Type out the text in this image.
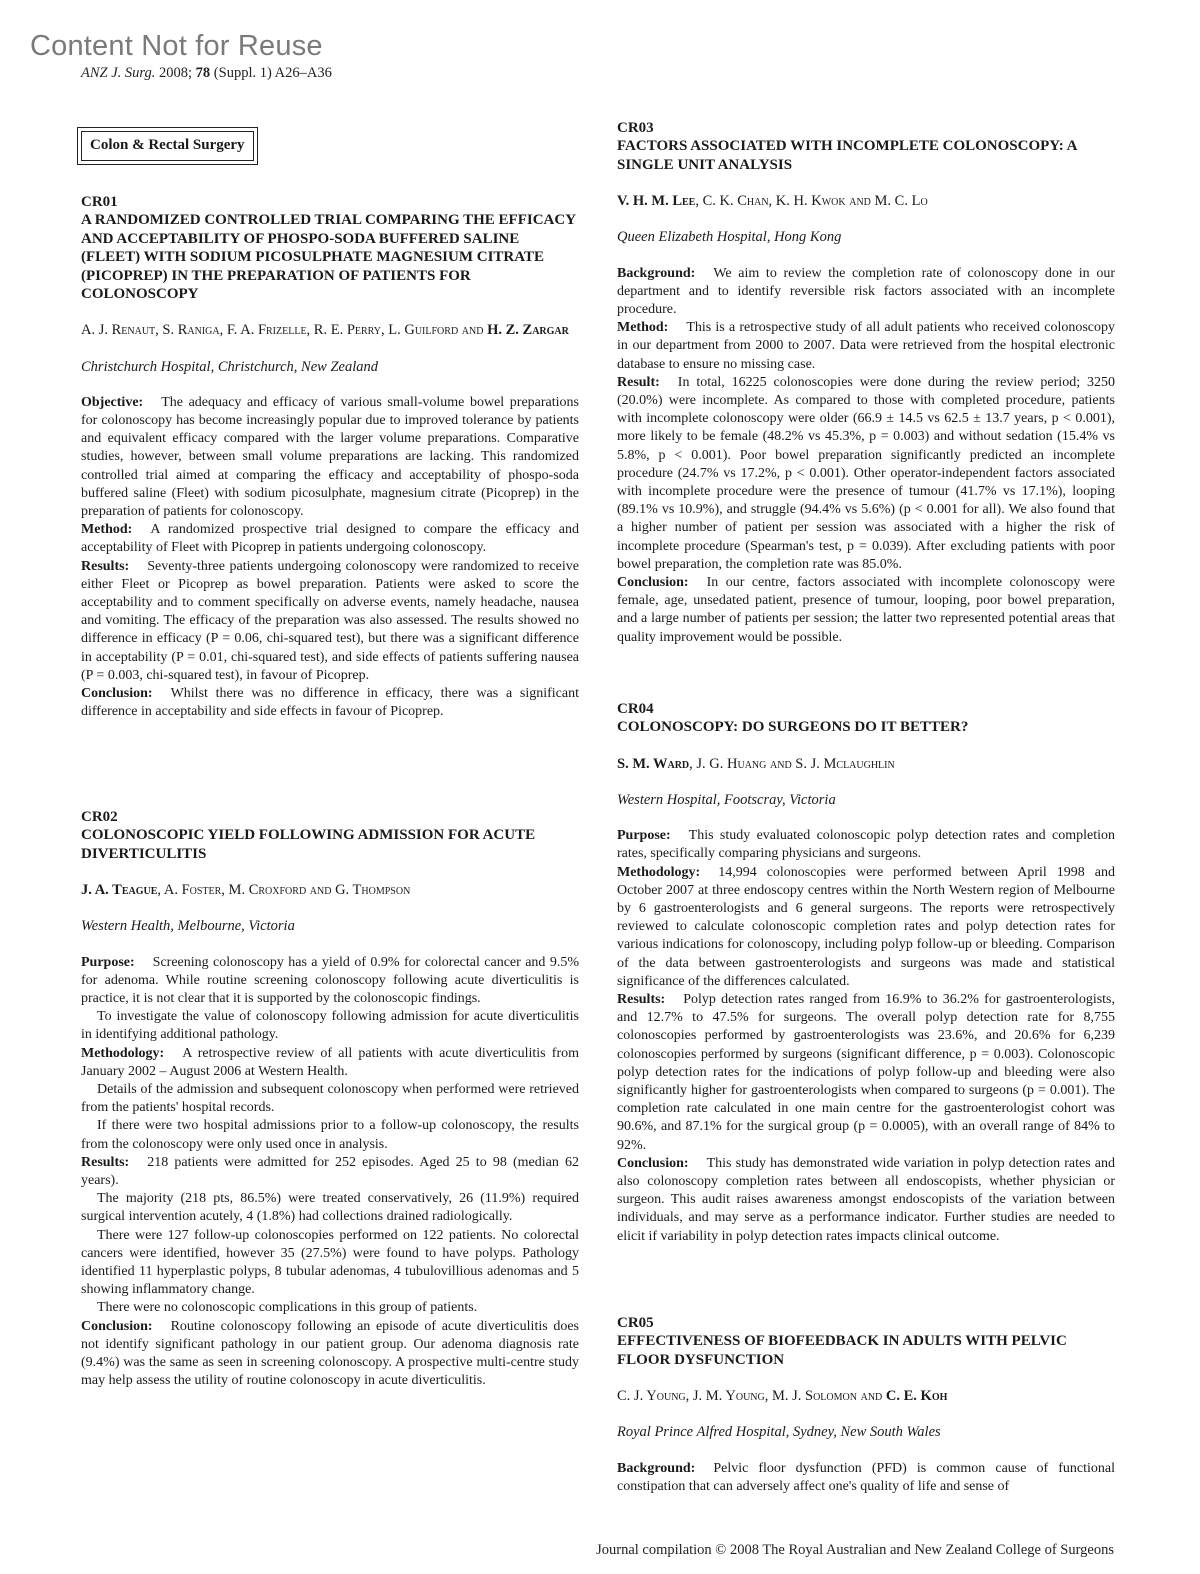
Content Not for Reuse
ANZ J. Surg. 2008; 78 (Suppl. 1) A26–A36
Colon & Rectal Surgery
CR01
A RANDOMIZED CONTROLLED TRIAL COMPARING THE EFFICACY AND ACCEPTABILITY OF PHOSPO-SODA BUFFERED SALINE (FLEET) WITH SODIUM PICOSULPHATE MAGNESIUM CITRATE (PICOPREP) IN THE PREPARATION OF PATIENTS FOR COLONOSCOPY
A. J. Renaut, S. Raniga, F. A. Frizelle, R. E. Perry, L. Guilford and H. Z. Zargar
Christchurch Hospital, Christchurch, New Zealand

Objective: The adequacy and efficacy of various small-volume bowel preparations for colonoscopy has become increasingly popular due to improved tolerance by patients and equivalent efficacy compared with the larger volume preparations. Comparative studies, however, between small volume preparations are lacking. This randomized controlled trial aimed at comparing the efficacy and acceptability of phospo-soda buffered saline (Fleet) with sodium picosulphate, magnesium citrate (Picoprep) in the preparation of patients for colonoscopy.

Method: A randomized prospective trial designed to compare the efficacy and acceptability of Fleet with Picoprep in patients undergoing colonoscopy.

Results: Seventy-three patients undergoing colonoscopy were randomized to receive either Fleet or Picoprep as bowel preparation. Patients were asked to score the acceptability and to comment specifically on adverse events, namely headache, nausea and vomiting. The efficacy of the preparation was also assessed. The results showed no difference in efficacy (P = 0.06, chi-squared test), but there was a significant difference in acceptability (P = 0.01, chi-squared test), and side effects of patients suffering nausea (P = 0.003, chi-squared test), in favour of Picoprep.

Conclusion: Whilst there was no difference in efficacy, there was a significant difference in acceptability and side effects in favour of Picoprep.

CR02
COLONOSCOPIC YIELD FOLLOWING ADMISSION FOR ACUTE DIVERTICULITIS
J. A. Teague, A. Foster, M. Croxford and G. Thompson
Western Health, Melbourne, Victoria

Purpose: Screening colonoscopy has a yield of 0.9% for colorectal cancer and 9.5% for adenoma. While routine screening colonoscopy following acute diverticulitis is practice, it is not clear that it is supported by the colonoscopic findings.

To investigate the value of colonoscopy following admission for acute diverticulitis in identifying additional pathology.

Methodology: A retrospective review of all patients with acute diverticulitis from January 2002 – August 2006 at Western Health.

Details of the admission and subsequent colonoscopy when performed were retrieved from the patients' hospital records.

If there were two hospital admissions prior to a follow-up colonoscopy, the results from the colonoscopy were only used once in analysis.

Results: 218 patients were admitted for 252 episodes. Aged 25 to 98 (median 62 years).

The majority (218 pts, 86.5%) were treated conservatively, 26 (11.9%) required surgical intervention acutely, 4 (1.8%) had collections drained radiologically.

There were 127 follow-up colonoscopies performed on 122 patients. No colorectal cancers were identified, however 35 (27.5%) were found to have polyps. Pathology identified 11 hyperplastic polyps, 8 tubular adenomas, 4 tubulovillious adenomas and 5 showing inflammatory change.

There were no colonoscopic complications in this group of patients.

Conclusion: Routine colonoscopy following an episode of acute diverticulitis does not identify significant pathology in our patient group. Our adenoma diagnosis rate (9.4%) was the same as seen in screening colonoscopy. A prospective multi-centre study may help assess the utility of routine colonoscopy in acute diverticulitis.

CR03
FACTORS ASSOCIATED WITH INCOMPLETE COLONOSCOPY: A SINGLE UNIT ANALYSIS
V. H. M. Lee, C. K. Chan, K. H. Kwok and M. C. Lo
Queen Elizabeth Hospital, Hong Kong

Background: We aim to review the completion rate of colonoscopy done in our department and to identify reversible risk factors associated with an incomplete procedure.

Method: This is a retrospective study of all adult patients who received colonoscopy in our department from 2000 to 2007. Data were retrieved from the hospital electronic database to ensure no missing case.

Result: In total, 16225 colonoscopies were done during the review period; 3250 (20.0%) were incomplete. As compared to those with completed procedure, patients with incomplete colonoscopy were older (66.9 ± 14.5 vs 62.5 ± 13.7 years, p < 0.001), more likely to be female (48.2% vs 45.3%, p = 0.003) and without sedation (15.4% vs 5.8%, p < 0.001). Poor bowel preparation significantly predicted an incomplete procedure (24.7% vs 17.2%, p < 0.001). Other operator-independent factors associated with incomplete procedure were the presence of tumour (41.7% vs 17.1%), looping (89.1% vs 10.9%), and struggle (94.4% vs 5.6%) (p < 0.001 for all). We also found that a higher number of patient per session was associated with a higher the risk of incomplete procedure (Spearman's test, p = 0.039). After excluding patients with poor bowel preparation, the completion rate was 85.0%.

Conclusion: In our centre, factors associated with incomplete colonoscopy were female, age, unsedated patient, presence of tumour, looping, poor bowel preparation, and a large number of patients per session; the latter two represented potential areas that quality improvement would be possible.

CR04
COLONOSCOPY: DO SURGEONS DO IT BETTER?
S. M. Ward, J. G. Huang and S. J. Mclaughlin
Western Hospital, Footscray, Victoria

Purpose: This study evaluated colonoscopic polyp detection rates and completion rates, specifically comparing physicians and surgeons.

Methodology: 14,994 colonoscopies were performed between April 1998 and October 2007 at three endoscopy centres within the North Western region of Melbourne by 6 gastroenterologists and 6 general surgeons. The reports were retrospectively reviewed to calculate colonoscopic completion rates and polyp detection rates for various indications for colonoscopy, including polyp follow-up or bleeding. Comparison of the data between gastroenterologists and surgeons was made and statistical significance of the differences calculated.

Results: Polyp detection rates ranged from 16.9% to 36.2% for gastroenterologists, and 12.7% to 47.5% for surgeons. The overall polyp detection rate for 8,755 colonoscopies performed by gastroenterologists was 23.6%, and 20.6% for 6,239 colonoscopies performed by surgeons (significant difference, p = 0.003). Colonoscopic polyp detection rates for the indications of polyp follow-up and bleeding were also significantly higher for gastroenterologists when compared to surgeons (p = 0.001). The completion rate calculated in one main centre for the gastroenterologist cohort was 90.6%, and 87.1% for the surgical group (p = 0.0005), with an overall range of 84% to 92%.

Conclusion: This study has demonstrated wide variation in polyp detection rates and also colonoscopy completion rates between all endoscopists, whether physician or surgeon. This audit raises awareness amongst endoscopists of the variation between individuals, and may serve as a performance indicator. Further studies are needed to elicit if variability in polyp detection rates impacts clinical outcome.

CR05
EFFECTIVENESS OF BIOFEEDBACK IN ADULTS WITH PELVIC FLOOR DYSFUNCTION
C. J. Young, J. M. Young, M. J. Solomon and C. E. Koh
Royal Prince Alfred Hospital, Sydney, New South Wales

Background: Pelvic floor dysfunction (PFD) is common cause of functional constipation that can adversely affect one's quality of life and sense of

Journal compilation © 2008 The Royal Australian and New Zealand College of Surgeons
